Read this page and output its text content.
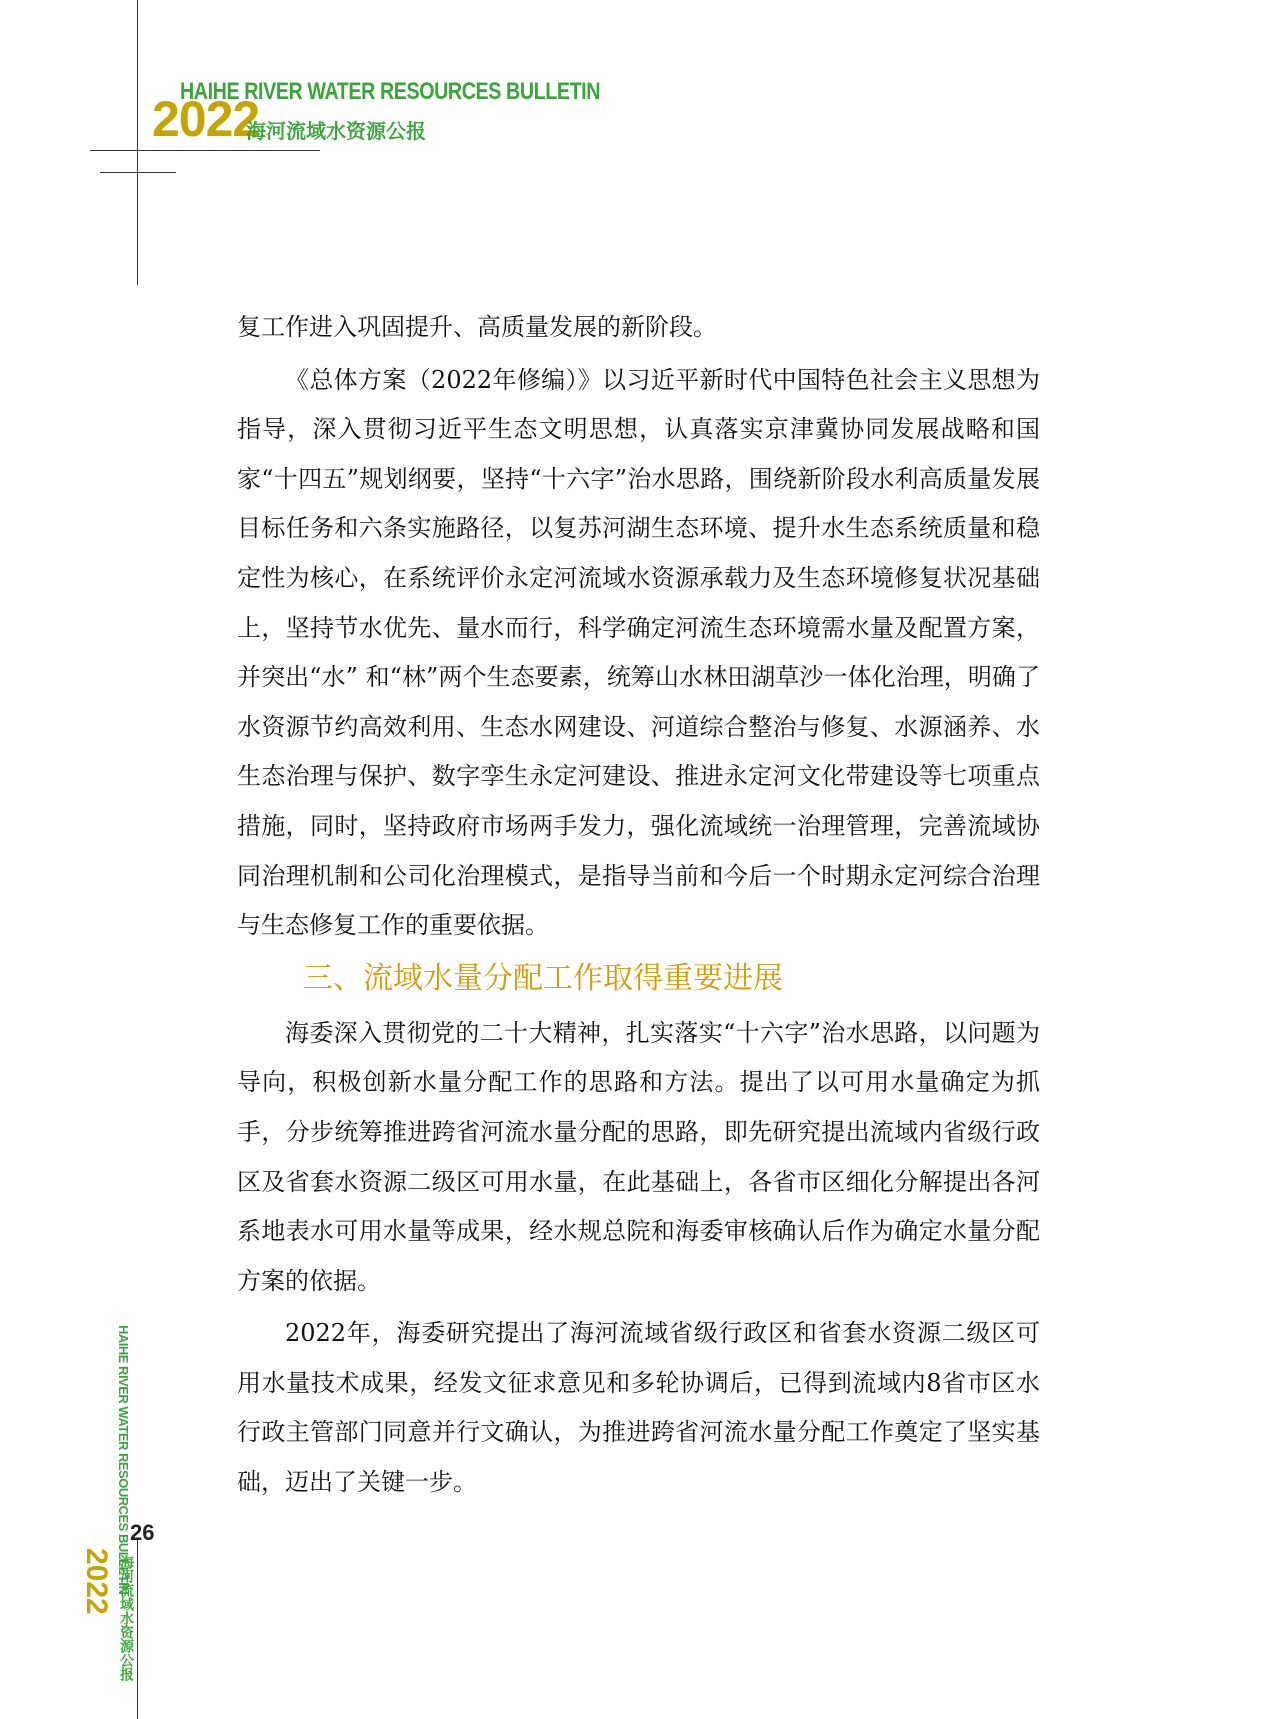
HAIHE RIVER WATER RESOURCES BULLETIN
2022
海河流域水资源公报

复工作进入巩固提升、高质量发展的新阶段。

《总体方案（2022年修编）》以习近平新时代中国特色社会主义思想为指导，深入贯彻习近平生态文明思想，认真落实京津冀协同发展战略和国家“十四五”规划纲要，坚持“十六字”治水思路，围绕新阶段水利高质量发展目标任务和六条实施路径，以复苏河湖生态环境、提升水生态系统质量和稳定性为核心，在系统评价永定河流域水资源承载力及生态环境修复状况基础上，坚持节水优先、量水而行，科学确定河流生态环境需水量及配置方案，并突出“水” 和“林”两个生态要素，统筹山水林田湖草沙一体化治理，明确了水资源节约高效利用、生态水网建设、河道综合整治与修复、水源涵养、水生态治理与保护、数字孪生永定河建设、推进永定河文化带建设等七项重点措施，同时，坚持政府市场两手发力，强化流域统一治理管理，完善流域协同治理机制和公司化治理模式，是指导当前和今后一个时期永定河综合治理与生态修复工作的重要依据。

三、流域水量分配工作取得重要进展

海委深入贯彻党的二十大精神，扎实落实“十六字”治水思路，以问题为导向，积极创新水量分配工作的思路和方法。提出了以可用水量确定为抓手，分步统筹推进跨省河流水量分配的思路，即先研究提出流域内省级行政区及省套水资源二级区可用水量，在此基础上，各省市区细化分解提出各河系地表水可用水量等成果，经水规总院和海委审核确认后作为确定水量分配方案的依据。

2022年，海委研究提出了海河流域省级行政区和省套水资源二级区可用水量技术成果，经发文征求意见和多轮协调后，已得到流域内8省市区水行政主管部门同意并行文确认，为推进跨省河流水量分配工作奠定了坚实基础，迈出了关键一步。

HAIHE RIVER WATER RESOURCES BULLETIN 26
2022 海河流域水资源公报
